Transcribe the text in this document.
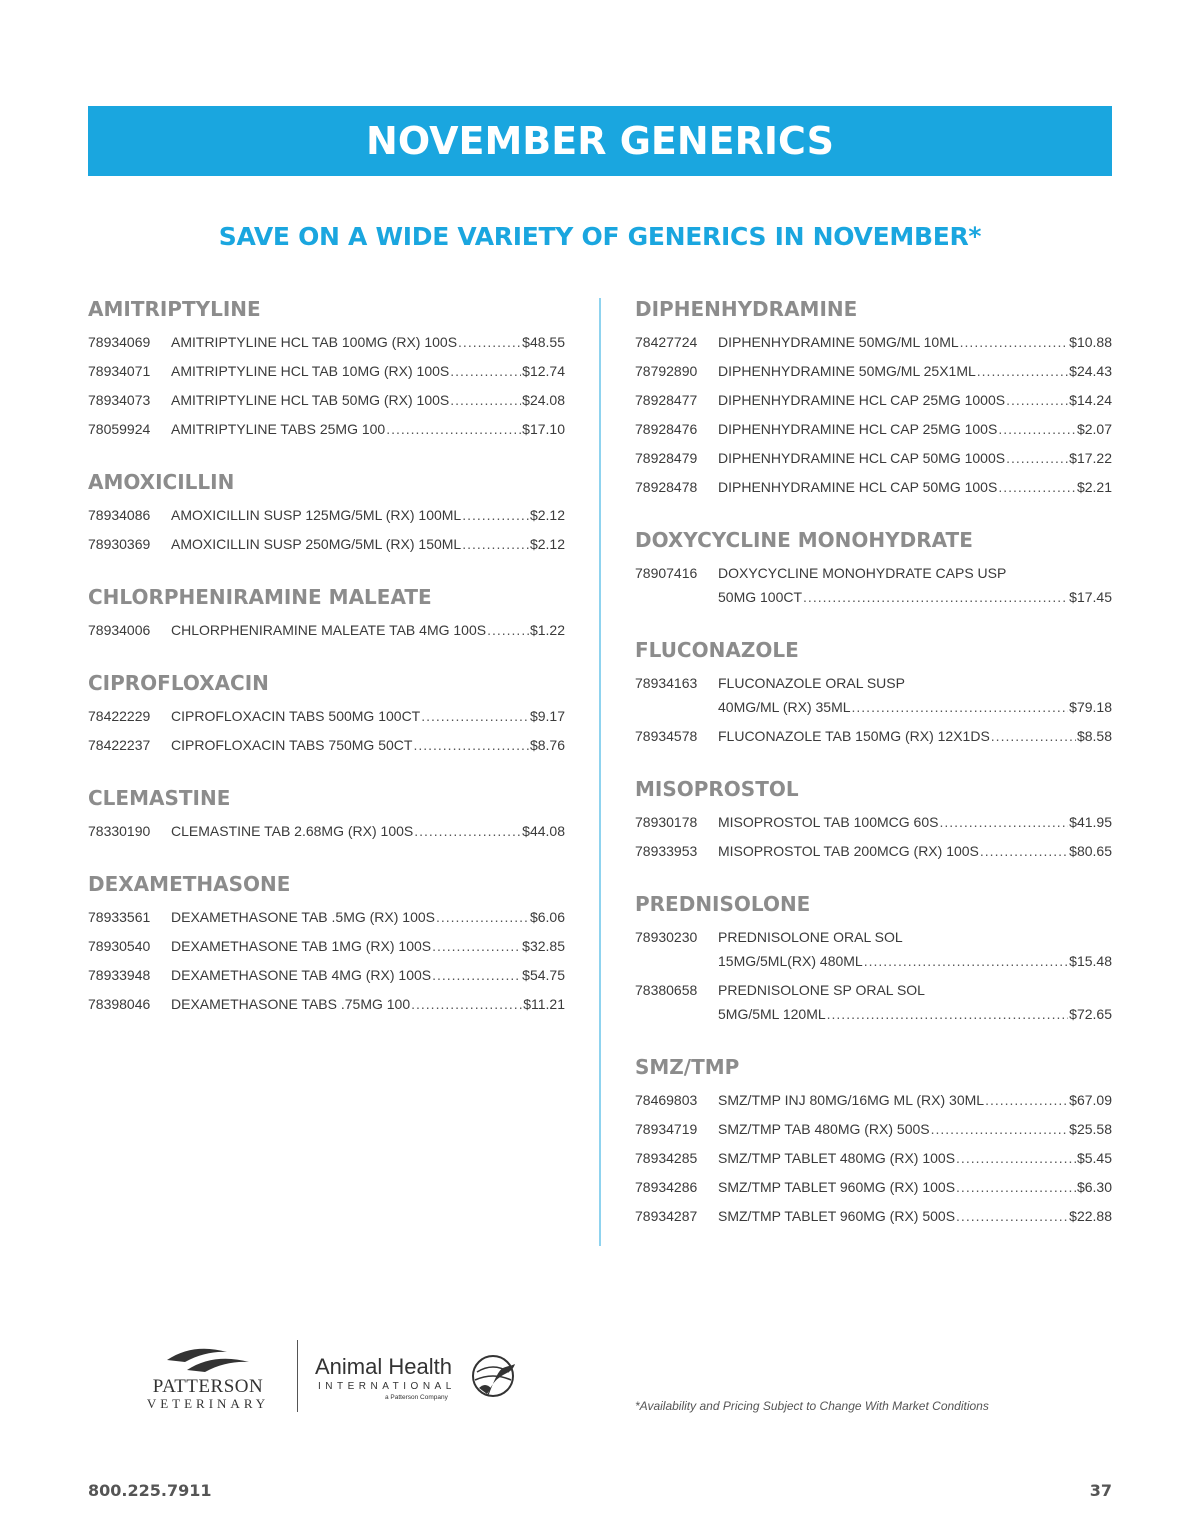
NOVEMBER GENERICS
SAVE ON A WIDE VARIETY OF GENERICS IN NOVEMBER*
AMITRIPTYLINE
78934069	AMITRIPTYLINE HCL TAB 100MG (RX) 100S .....	$48.55
78934071	AMITRIPTYLINE HCL TAB 10MG (RX) 100S .....	$12.74
78934073	AMITRIPTYLINE HCL TAB 50MG (RX) 100S .....	$24.08
78059924	AMITRIPTYLINE TABS 25MG 100 .....	$17.10
AMOXICILLIN
78934086	AMOXICILLIN SUSP 125MG/5ML (RX) 100ML .....	$2.12
78930369	AMOXICILLIN SUSP 250MG/5ML (RX) 150ML .....	$2.12
CHLORPHENIRAMINE MALEATE
78934006	CHLORPHENIRAMINE MALEATE TAB 4MG 100S .....	$1.22
CIPROFLOXACIN
78422229	CIPROFLOXACIN TABS 500MG 100CT .....	$9.17
78422237	CIPROFLOXACIN TABS 750MG 50CT .....	$8.76
CLEMASTINE
78330190	CLEMASTINE TAB 2.68MG (RX) 100S .....	$44.08
DEXAMETHASONE
78933561	DEXAMETHASONE TAB .5MG (RX) 100S .....	$6.06
78930540	DEXAMETHASONE TAB 1MG (RX) 100S .....	$32.85
78933948	DEXAMETHASONE TAB 4MG (RX) 100S .....	$54.75
78398046	DEXAMETHASONE TABS .75MG 100 .....	$11.21
DIPHENHYDRAMINE
78427724	DIPHENHYDRAMINE 50MG/ML 10ML .....	$10.88
78792890	DIPHENHYDRAMINE 50MG/ML 25X1ML .....	$24.43
78928477	DIPHENHYDRAMINE HCL CAP 25MG 1000S .....	$14.24
78928476	DIPHENHYDRAMINE HCL CAP 25MG 100S .....	$2.07
78928479	DIPHENHYDRAMINE HCL CAP 50MG 1000S .....	$17.22
78928478	DIPHENHYDRAMINE HCL CAP 50MG 100S .....	$2.21
DOXYCYCLINE MONOHYDRATE
78907416	DOXYCYCLINE MONOHYDRATE CAPS USP
50MG 100CT .....	$17.45
FLUCONAZOLE
78934163	FLUCONAZOLE ORAL SUSP
40MG/ML (RX) 35ML .....	$79.18
78934578	FLUCONAZOLE TAB 150MG (RX) 12X1DS .....	$8.58
MISOPROSTOL
78930178	MISOPROSTOL TAB 100MCG 60S .....	$41.95
78933953	MISOPROSTOL TAB 200MCG (RX) 100S .....	$80.65
PREDNISOLONE
78930230	PREDNISOLONE ORAL SOL
15MG/5ML(RX) 480ML .....	$15.48
78380658	PREDNISOLONE SP ORAL SOL
5MG/5ML 120ML .....	$72.65
SMZ/TMP
78469803	SMZ/TMP INJ 80MG/16MG ML (RX) 30ML .....	$67.09
78934719	SMZ/TMP TAB 480MG (RX) 500S .....	$25.58
78934285	SMZ/TMP TABLET 480MG (RX) 100S .....	$5.45
78934286	SMZ/TMP TABLET 960MG (RX) 100S .....	$6.30
78934287	SMZ/TMP TABLET 960MG (RX) 500S .....	$22.88
PATTERSON
VETERINARY
Animal Health
INTERNATIONAL
a Patterson Company
*Availability and Pricing Subject to Change With Market Conditions
800.225.7911	37
